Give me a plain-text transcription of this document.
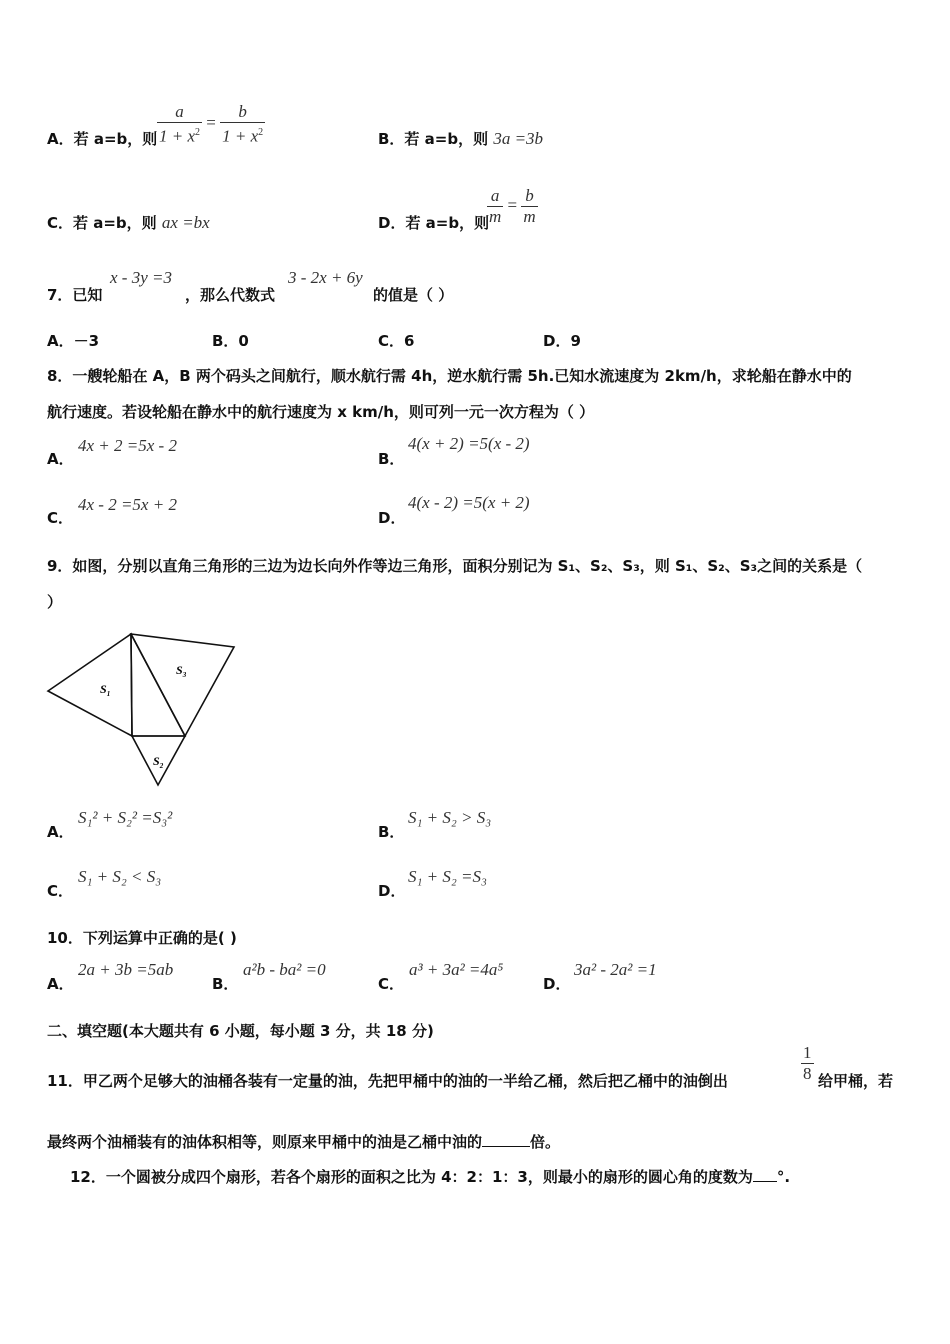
A．若 a=b，则 $\frac{a}{1 + x^2} = \frac{b}{1 + x^2}$	B．若 a=b，则 3a =3b
C．若 a=b，则 ax =bx	D．若 a=b，则
$\frac{a}{m} = \frac{b}{m}$
7．已知
x - 3y =3
，那么代数式
3 - 2x + 6y
的值是（ ）
A．－3	B．0	C．6	D．9
8．一艘轮船在 A，B 两个码头之间航行，顺水航行需 4h，逆水航行需 5h.已知水流速度为 2km/h，求轮船在静水中的
航行速度。若设轮船在静水中的航行速度为 x km/h，则可列一元一次方程为（ ）
A．
4x + 2 =5x - 2
B．
4(x + 2) =5(x - 2)
C．
4x - 2 =5x + 2
D．
4(x - 2) =5(x + 2)
9．如图，分别以直角三角形的三边为边长向外作等边三角形，面积分别记为 S₁、S₂、S₃，则 S₁、S₂、S₃之间的关系是（
）
$S_1$
$S_2$
$S_3$
A．
S₁² + S₂² =S₃²
B．
S₁ + S₂ > S₃
C．
S₁ + S₂ < S₃
D．
S₁ + S₂ =S₃
10．下列运算中正确的是( )
A．
2a + 3b =5ab
B．
a²b - ba² =0
C．
a³ + 3a² =4a⁵
D．
3a² - 2a² =1
二、填空题(本大题共有 6 小题，每小题 3 分，共 18 分)
11．甲乙两个足够大的油桶各装有一定量的油，先把甲桶中的油的一半给乙桶，然后把乙桶中的油倒出	$\frac{1}{8}$ 给甲桶，若
最终两个油桶装有的油体积相等，则原来甲桶中的油是乙桶中油的	倍。
12．一个圆被分成四个扇形，若各个扇形的面积之比为 4：2：1：3，则最小的扇形的圆心角的度数为 °.
